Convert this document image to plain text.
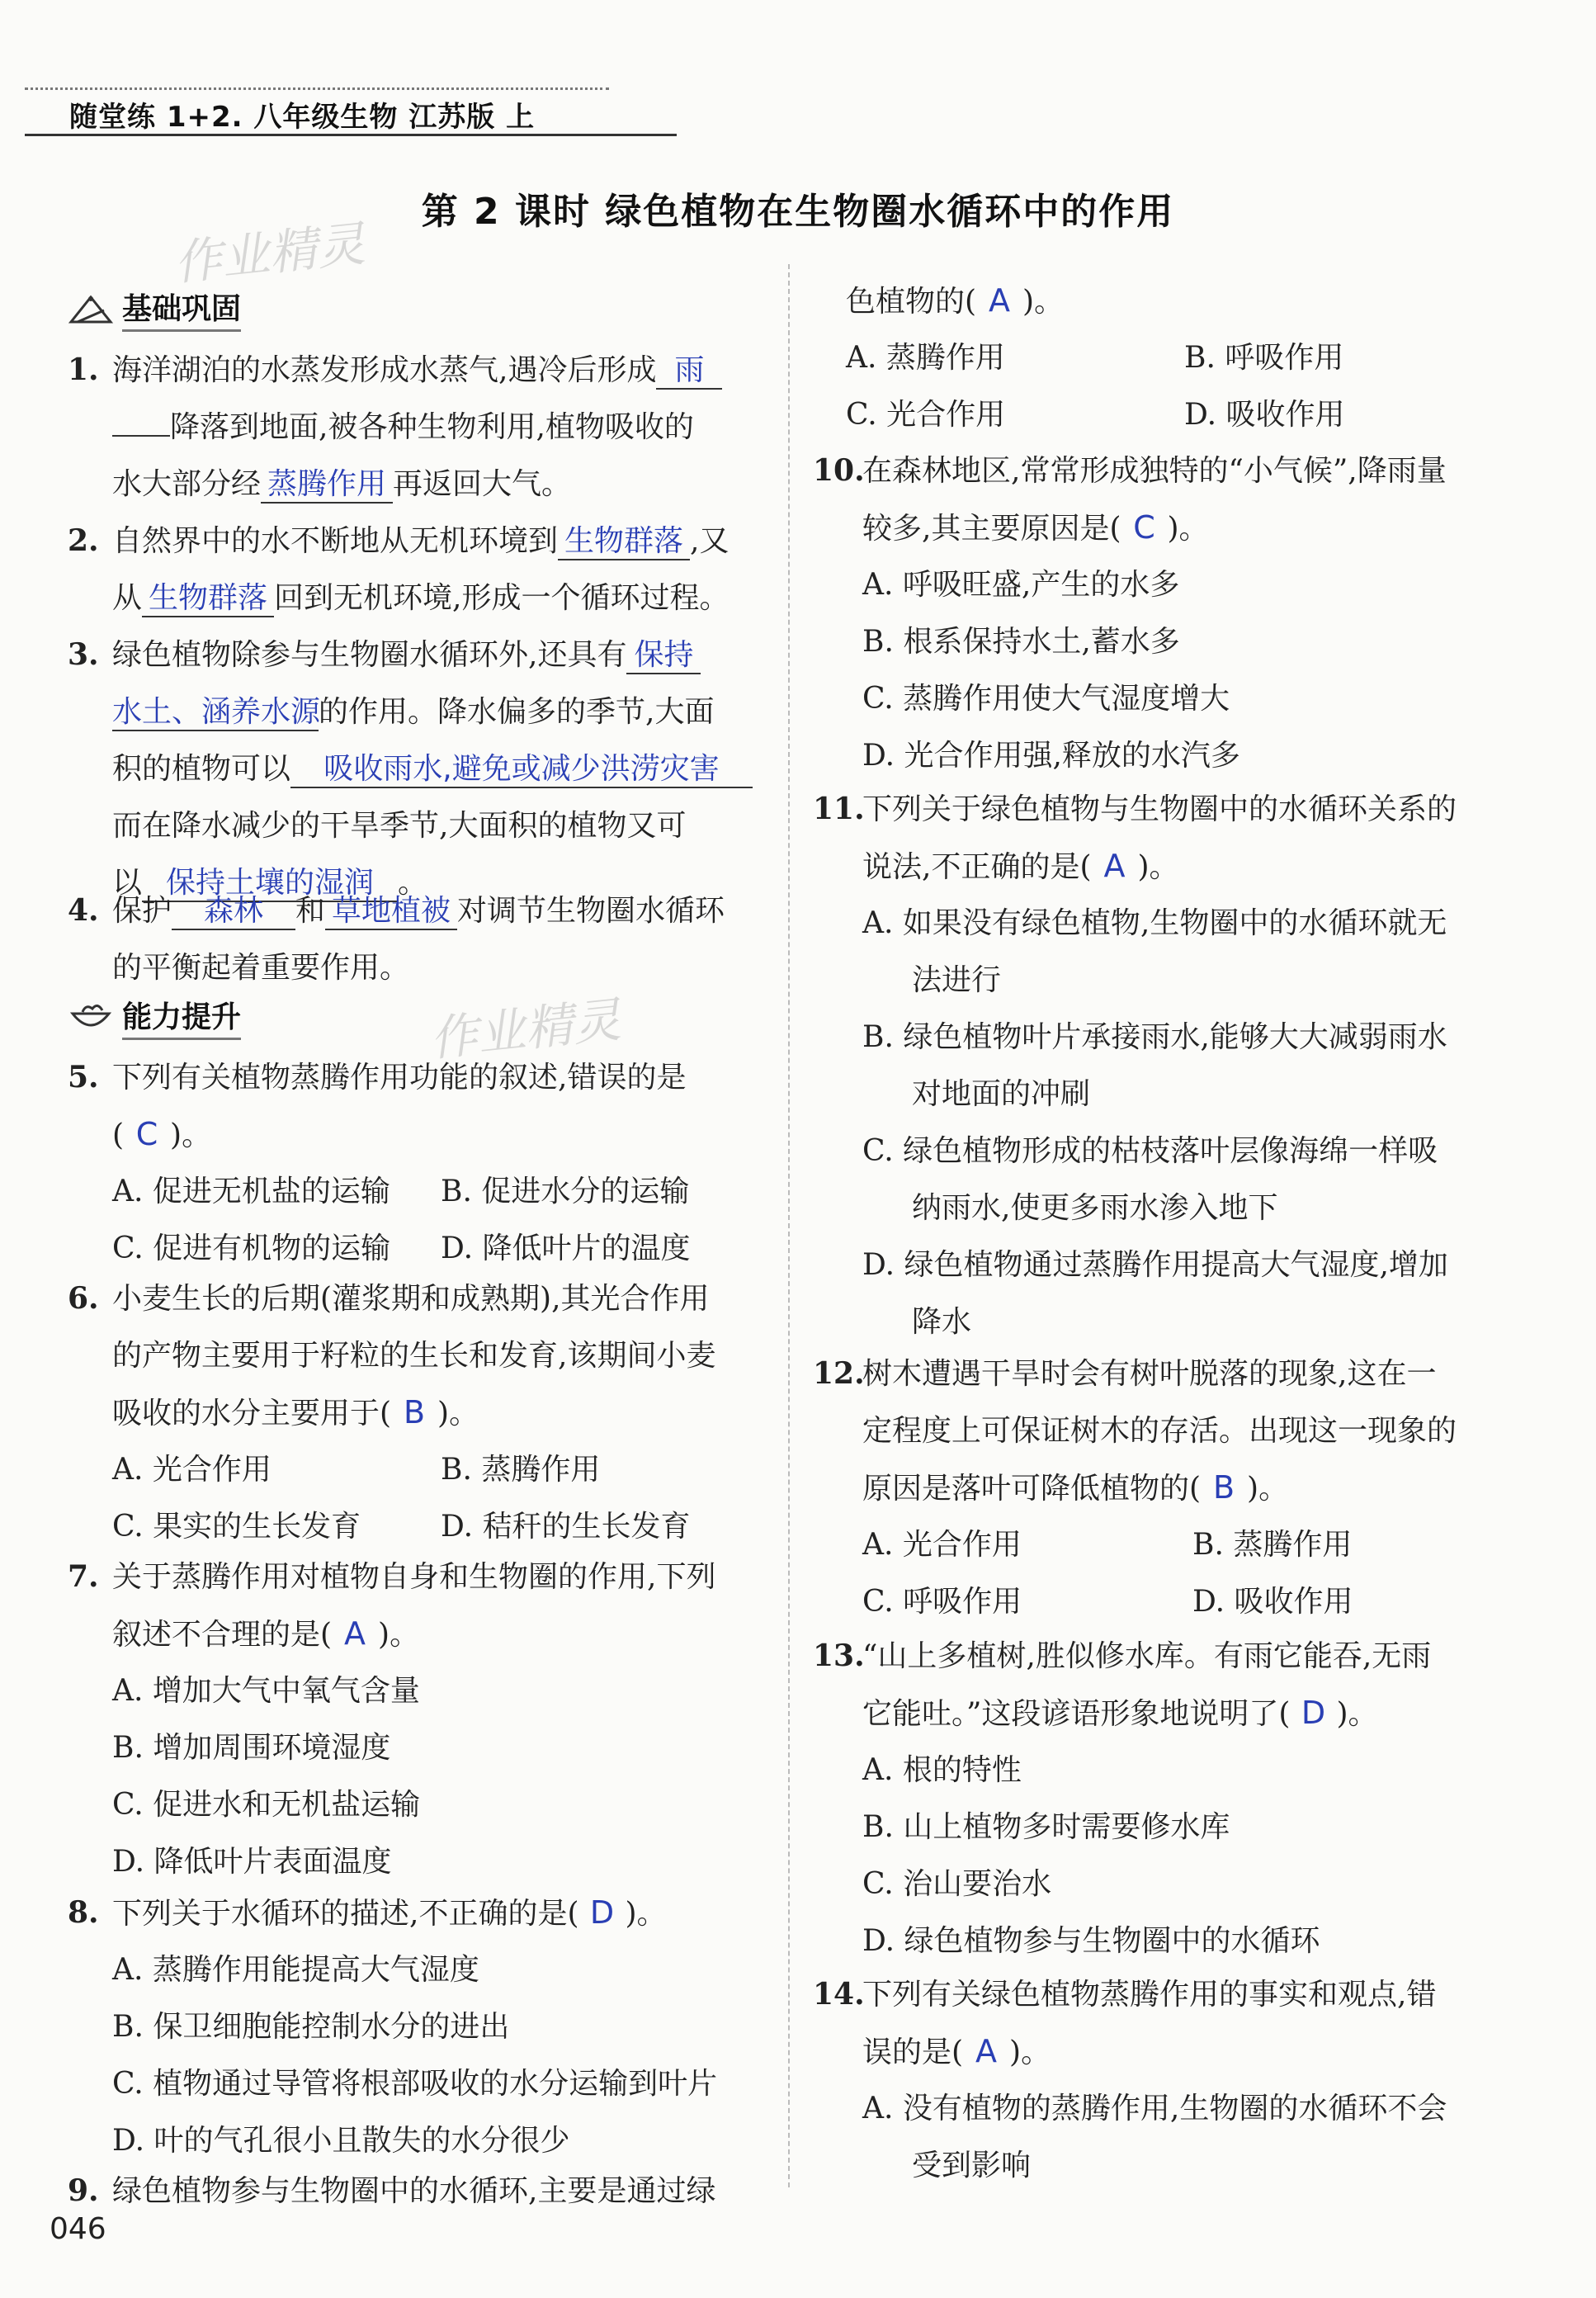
随堂练 1+2. 八年级生物 江苏版 上
第 2 课时 绿色植物在生物圈水循环中的作用
作业精灵
作业精灵
基础巩固
1. 海洋湖泊的水蒸发形成水蒸气,遇冷后形成 雨
降落到地面,被各种生物利用,植物吸收的
水大部分经 蒸腾作用 再返回大气。
2. 自然界中的水不断地从无机环境到 生物群落 ,又
从 生物群落 回到无机环境,形成一个循环过程。
3. 绿色植物除参与生物圈水循环外,还具有 保持
水土、涵养水源的作用。降水偏多的季节,大面
积的植物可以 吸收雨水,避免或减少洪涝灾害
而在降水减少的干旱季节,大面积的植物又可
以 保持土壤的湿润 。
4. 保护 森林 和 草地植被 对调节生物圈水循环
的平衡起着重要作用。
能力提升
5. 下列有关植物蒸腾作用功能的叙述,错误的是
( C )。
A. 促进无机盐的运输	B. 促进水分的运输
C. 促进有机物的运输	D. 降低叶片的温度
6. 小麦生长的后期(灌浆期和成熟期),其光合作用
的产物主要用于籽粒的生长和发育,该期间小麦
吸收的水分主要用于( B )。
A. 光合作用	B. 蒸腾作用
C. 果实的生长发育	D. 秸秆的生长发育
7. 关于蒸腾作用对植物自身和生物圈的作用,下列
叙述不合理的是( A )。
A. 增加大气中氧气含量
B. 增加周围环境湿度
C. 促进水和无机盐运输
D. 降低叶片表面温度
8. 下列关于水循环的描述,不正确的是( D )。
A. 蒸腾作用能提高大气湿度
B. 保卫细胞能控制水分的进出
C. 植物通过导管将根部吸收的水分运输到叶片
D. 叶的气孔很小且散失的水分很少
9. 绿色植物参与生物圈中的水循环,主要是通过绿
046
色植物的( A )。
A. 蒸腾作用	B. 呼吸作用
C. 光合作用	D. 吸收作用
10.
在森林地区,常常形成独特的“小气候”,降雨量
较多,其主要原因是( C )。
A. 呼吸旺盛,产生的水多
B. 根系保持水土,蓄水多
C. 蒸腾作用使大气湿度增大
D. 光合作用强,释放的水汽多
11.
下列关于绿色植物与生物圈中的水循环关系的
说法,不正确的是( A )。
A. 如果没有绿色植物,生物圈中的水循环就无
法进行
B. 绿色植物叶片承接雨水,能够大大减弱雨水
对地面的冲刷
C. 绿色植物形成的枯枝落叶层像海绵一样吸
纳雨水,使更多雨水渗入地下
D. 绿色植物通过蒸腾作用提高大气湿度,增加
降水
12.
树木遭遇干旱时会有树叶脱落的现象,这在一
定程度上可保证树木的存活。出现这一现象的
原因是落叶可降低植物的( B )。
A. 光合作用	B. 蒸腾作用
C. 呼吸作用	D. 吸收作用
13.
“山上多植树,胜似修水库。有雨它能吞,无雨
它能吐。”这段谚语形象地说明了( D )。
A. 根的特性
B. 山上植物多时需要修水库
C. 治山要治水
D. 绿色植物参与生物圈中的水循环
14.
下列有关绿色植物蒸腾作用的事实和观点,错
误的是( A )。
A. 没有植物的蒸腾作用,生物圈的水循环不会
受到影响
